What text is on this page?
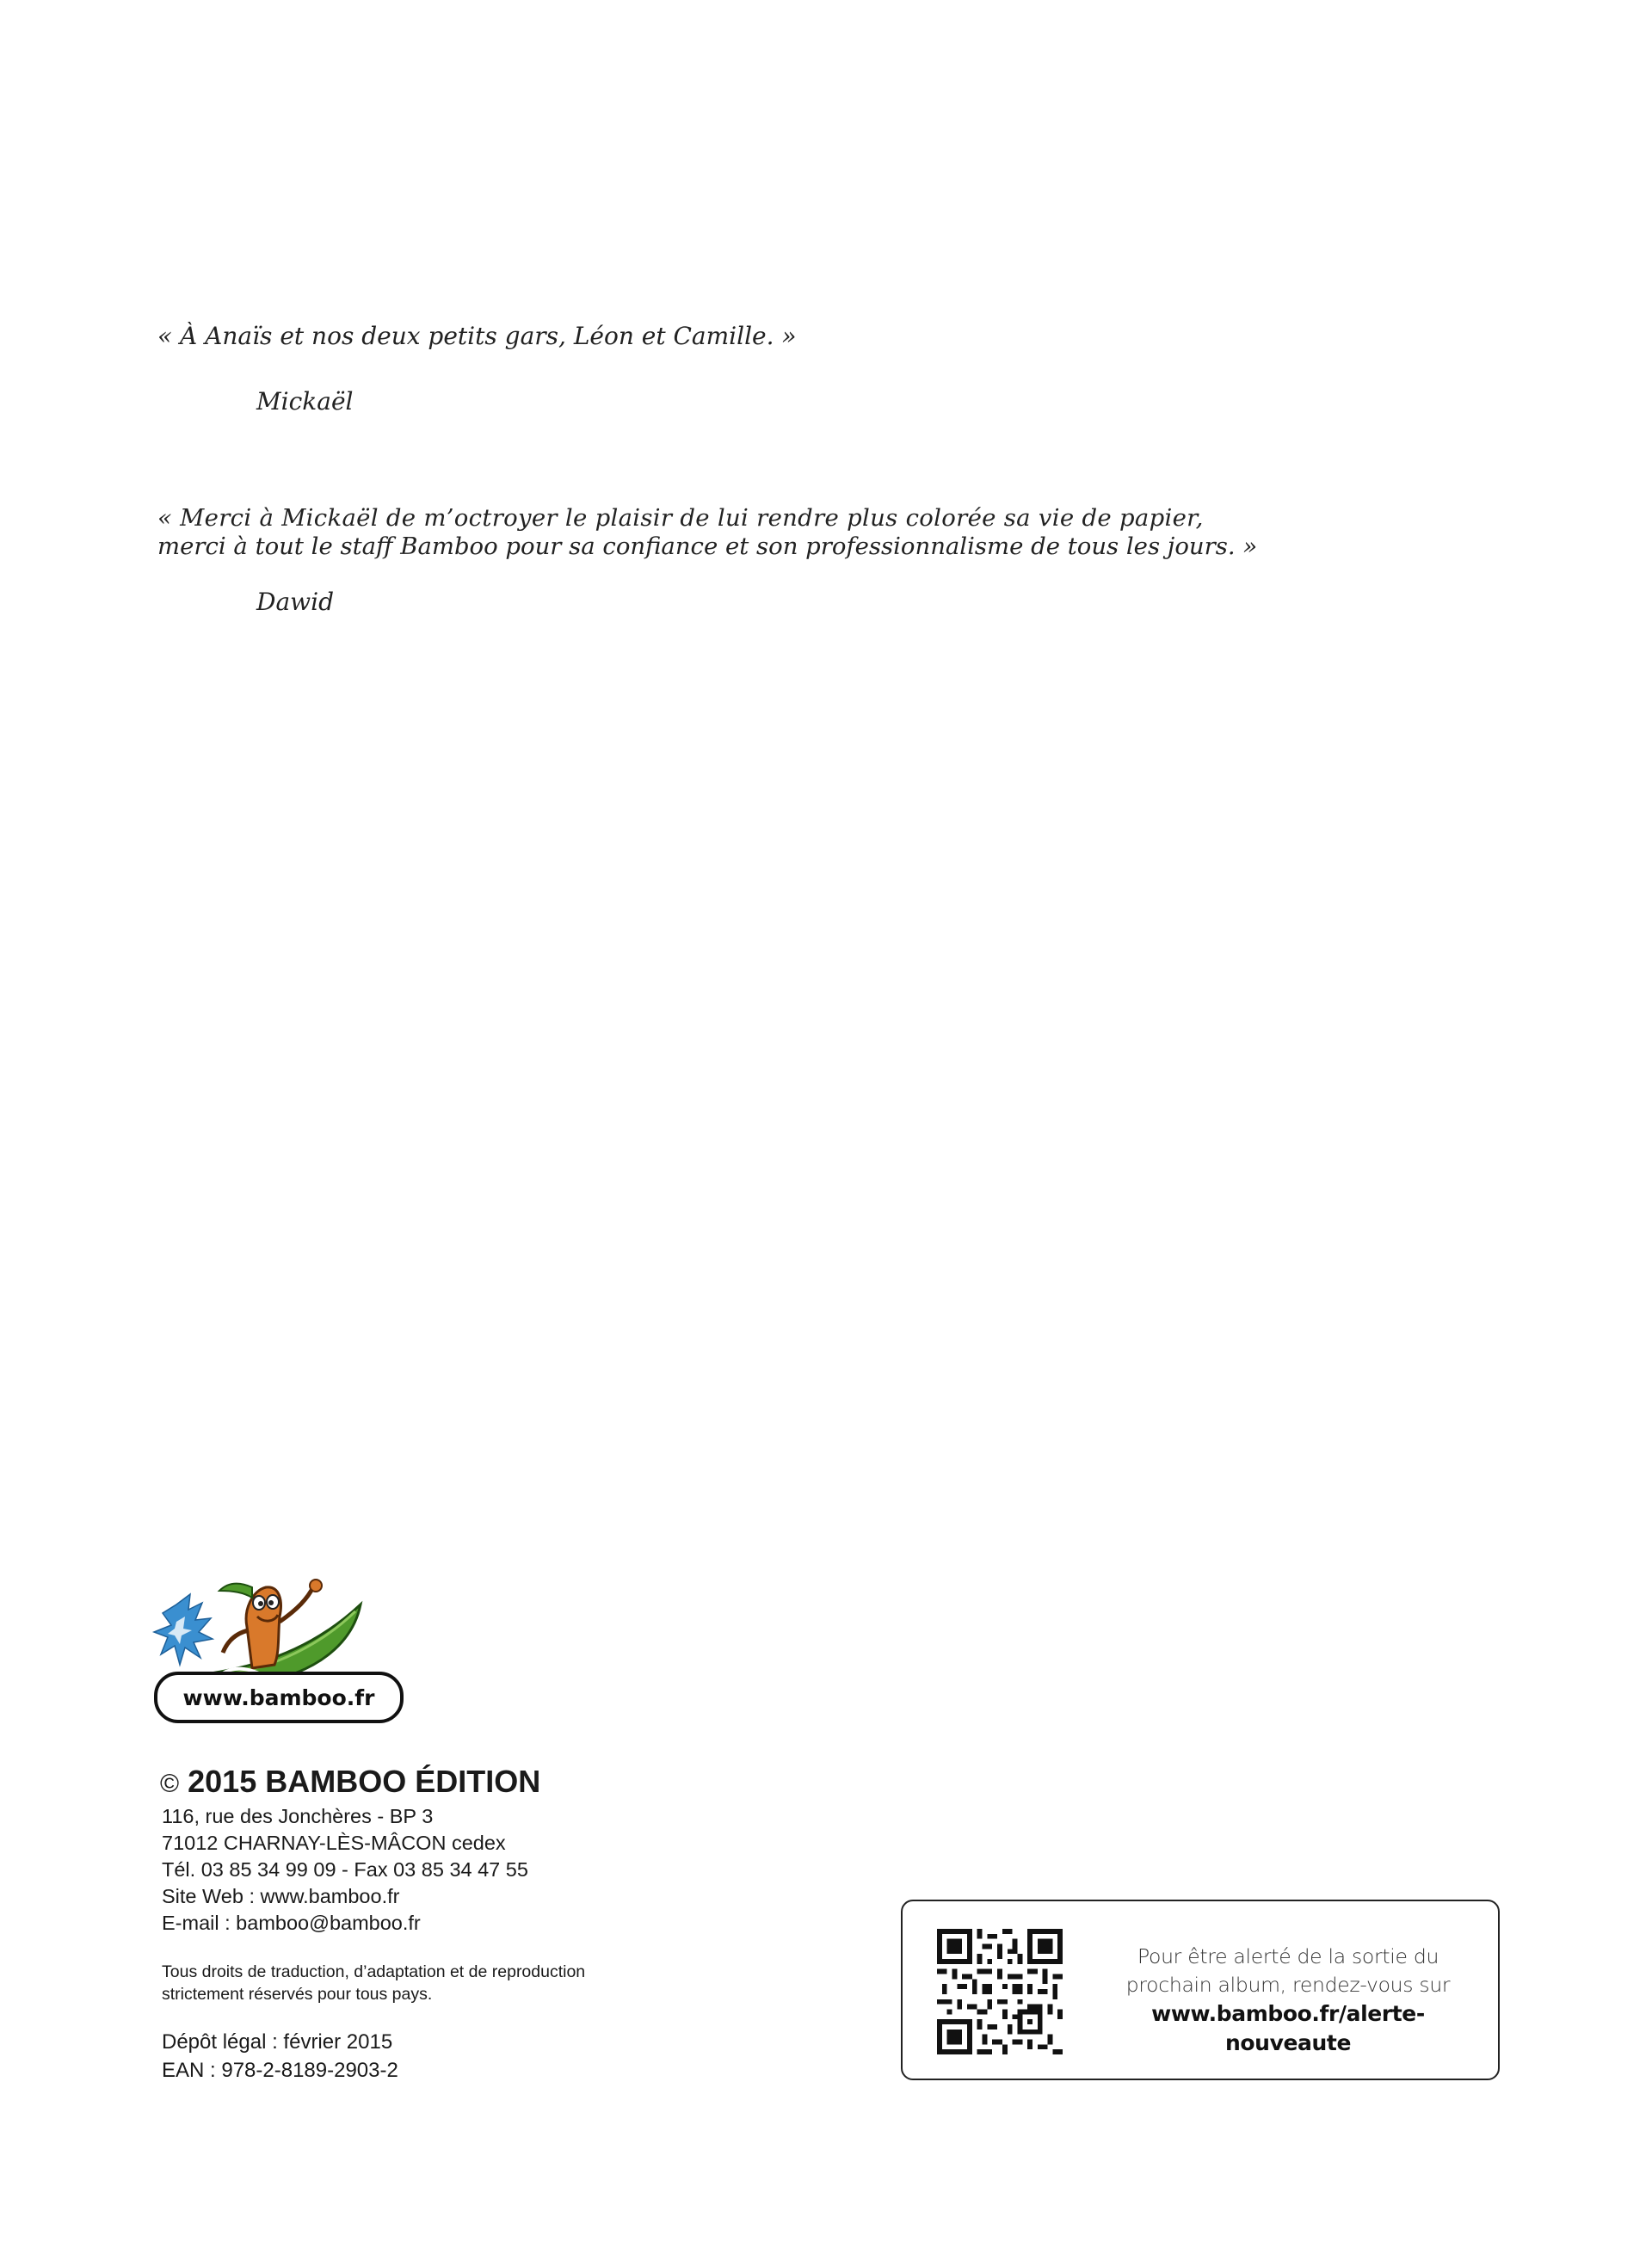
« À Anaïs et nos deux petits gars, Léon et Camille. »
Mickaël
« Merci à Mickaël de m’octroyer le plaisir de lui rendre plus colorée sa vie de papier,
merci à tout le staff Bamboo pour sa confiance et son professionnalisme de tous les jours. »
Dawid
www.bamboo.fr
© 2015 BAMBOO ÉDITION
116, rue des Jonchères - BP 3
71012 CHARNAY-LÈS-MÂCON cedex
Tél. 03 85 34 99 09 - Fax 03 85 34 47 55
Site Web : www.bamboo.fr
E-mail : bamboo@bamboo.fr
Tous droits de traduction, d’adaptation et de reproduction
strictement réservés pour tous pays.
Dépôt légal : février 2015
EAN : 978-2-8189-2903-2
Pour être alerté de la sortie du
prochain album, rendez-vous sur
www.bamboo.fr/alerte-nouveaute
